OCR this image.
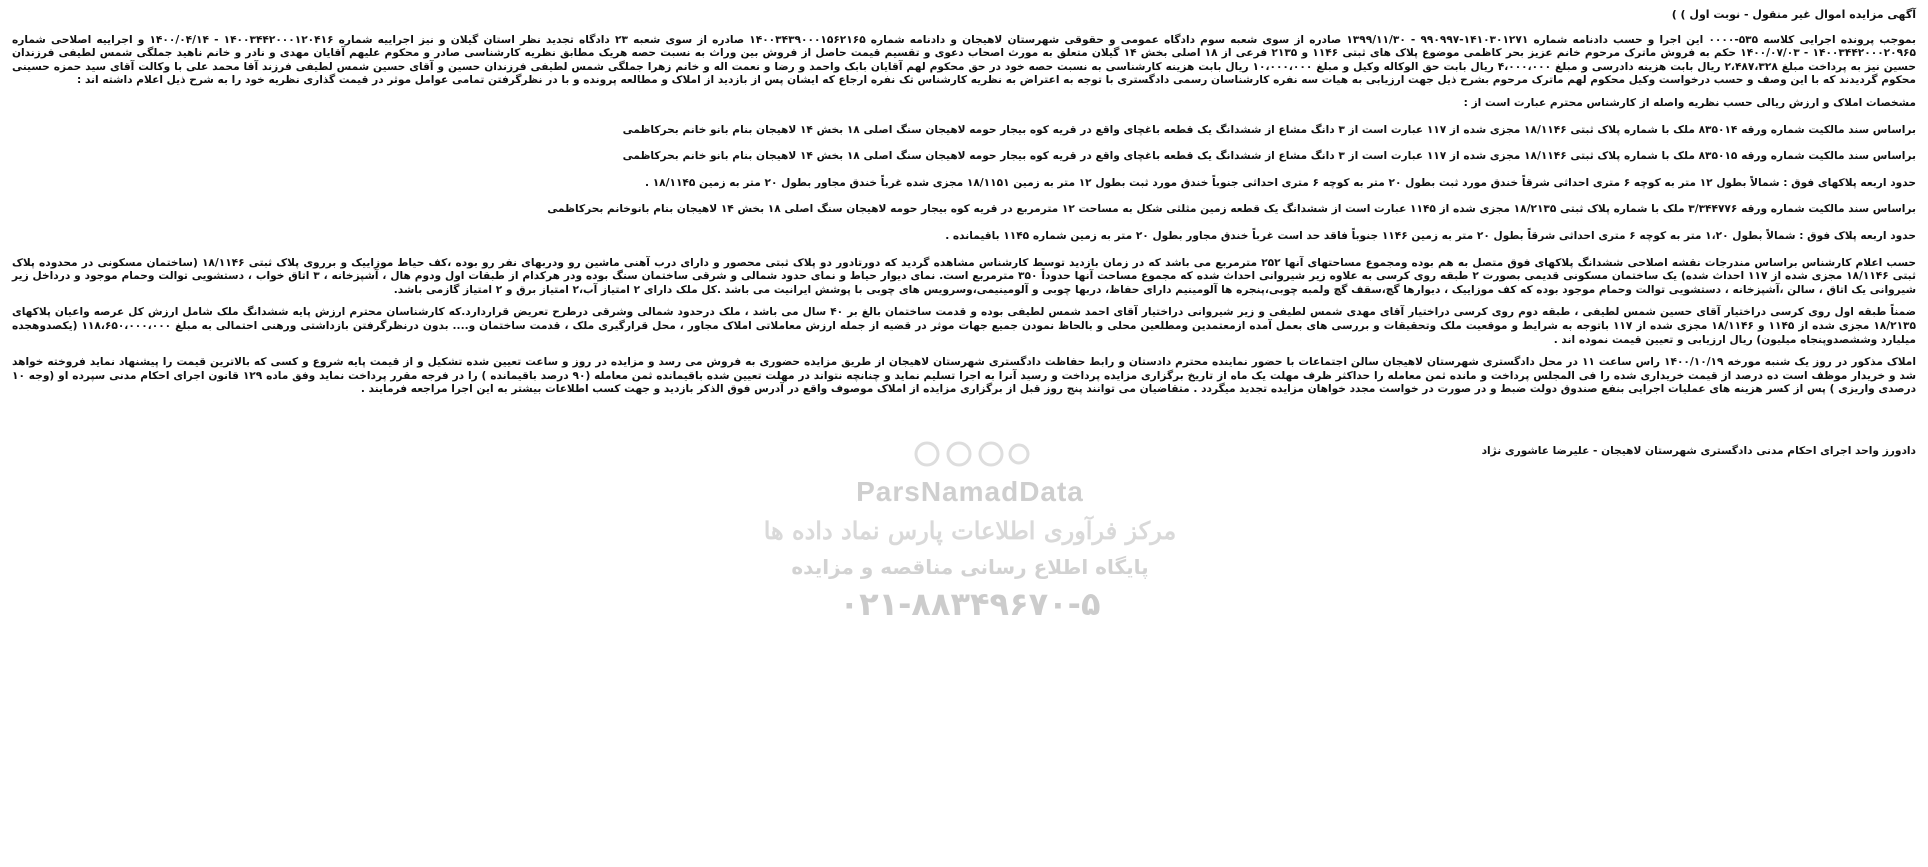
ParsNamadData
مرکز فرآوری اطلاعات پارس نماد داده ها
پایگاه اطلاع رسانی مناقصه و مزایده
۰۲۱-۸۸۳۴۹۶۷۰-۵

آگهی مزایده اموال غیر منقول - نوبت اول ) )

بموجب پرونده اجرایی کلاسه ۵۳۵-۰۰۰۰ این اجرا و حسب دادنامه شماره ۱۴۱۰۳۰۱۲۷۱-۹۹۰۹۹۷ - ۱۳۹۹/۱۱/۳۰ صادره از سوی شعبه سوم دادگاه عمومی و حقوقی شهرستان لاهیجان و دادنامه شماره ۱۴۰۰۳۴۳۹۰۰۰۱۵۶۲۱۶۵ صادره از سوی شعبه ۲۳ دادگاه تجدید نظر استان گیلان و نیز اجراییه شماره ۱۴۰۰۳۴۴۲۰۰۰۱۲۰۴۱۶ - ۱۴۰۰/۰۴/۱۴ و اجراییه اصلاحی شماره ۱۴۰۰۳۴۴۲۰۰۰۲۰۹۶۵ - ۱۴۰۰/۰۷/۰۳ حکم به فروش ماترک مرحوم خانم عزیز بحر کاظمی موضوع پلاک های ثبتی ۱۱۴۶ و ۲۱۳۵ فرعی از ۱۸ اصلی بخش ۱۴ گیلان متعلق به مورث اصحاب دعوی و تقسیم قیمت حاصل از فروش بین وراث به نسبت حصه هریک مطابق نظریه کارشناسی صادر و محکوم علیهم آقایان مهدی و نادر و خانم ناهید جملگی شمس لطیفی فرزندان حسین نیز به پرداخت مبلغ ۲،۴۸۷،۳۲۸ ریال بابت هزینه دادرسی و مبلغ ۴،۰۰۰،۰۰۰ ریال بابت حق الوکاله وکیل و مبلغ ۱۰،۰۰۰،۰۰۰ ریال بابت هزینه کارشناسی به نسبت حصه خود در حق محکوم لهم آقایان بابک واحمد و رضا و نعمت اله و خانم زهرا جملگی شمس لطیفی فرزندان حسین و آقای حسین شمس لطیفی فرزند آقا محمد علی با وکالت آقای سید حمزه حسینی محکوم گردیدند که با این وصف و حسب درخواست وکیل محکوم لهم ماترک مرحوم بشرح ذیل جهت ارزیابی به هیات سه نفره کارشناسان رسمی دادگستری با توجه به اعتراض به نظریه کارشناس تک نفره ارجاع که ایشان پس از بازدید از املاک و مطالعه پرونده و با در نظرگرفتن تمامی عوامل موثر در قیمت گذاری نظریه خود را به شرح ذیل اعلام داشته اند :

مشخصات املاک و ارزش ریالی حسب نظریه واصله از کارشناس محترم عبارت است از :

براساس سند مالکیت شماره ورقه ۸۳۵۰۱۴ ملک با شماره پلاک ثبتی ۱۸/۱۱۴۶ مجزی شده از ۱۱۷ عبارت است از ۳ دانگ مشاع از ششدانگ یک قطعه باغچای واقع در قریه کوه بیجار حومه لاهیجان سنگ اصلی ۱۸ بخش ۱۴ لاهیجان بنام بانو خانم بحرکاظمی

براساس سند مالکیت شماره ورقه ۸۳۵۰۱۵ ملک با شماره پلاک ثبتی ۱۸/۱۱۴۶ مجزی شده از ۱۱۷ عبارت است از ۳ دانگ مشاع از ششدانگ یک قطعه باغچای واقع در قریه کوه بیجار حومه لاهیجان سنگ اصلی ۱۸ بخش ۱۴ لاهیجان بنام بانو خانم بحرکاظمی

حدود اربعه پلاکهای فوق : شمالاً بطول ۱۲ متر به کوچه ۶ متری احداثی شرقاً خندق مورد ثبت بطول ۲۰ متر به کوچه ۶ متری احداثی جنوباً خندق مورد ثبت بطول ۱۲ متر به زمین ۱۸/۱۱۵۱ مجزی شده غرباً خندق مجاور بطول ۲۰ متر به زمین ۱۸/۱۱۴۵ .

براساس سند مالکیت شماره ورقه ۳/۳۴۴۷۷۶ ملک با شماره پلاک ثبتی ۱۸/۲۱۳۵ مجزی شده از ۱۱۴۵ عبارت است از ششدانگ یک قطعه زمین مثلثی شکل به مساحت ۱۲ مترمربع در قریه کوه بیجار حومه لاهیجان سنگ اصلی ۱۸ بخش ۱۴ لاهیجان بنام بانوخانم بحرکاظمی

حدود اربعه پلاک فوق : شمالاً بطول ۱،۲۰ متر به کوچه ۶ متری احداثی شرقاً بطول ۲۰ متر به زمین ۱۱۴۶ جنوباً فاقد حد است غرباً خندق مجاور بطول ۲۰ متر به زمین شماره ۱۱۴۵ باقیمانده .

حسب اعلام کارشناس براساس مندرجات نقشه اصلاحی ششدانگ پلاکهای فوق متصل به هم بوده ومجموع مساحتهای آنها ۲۵۲ مترمربع می باشد که در زمان بازدید توسط کارشناس مشاهده گردید که دورتادور دو پلاک ثبتی محصور و دارای درب آهنی ماشین رو ودربهای نفر رو بوده ،کف حیاط موزاییک و برروی پلاک ثبتی ۱۸/۱۱۴۶ (ساختمان مسکونی در محدوده پلاک ثبتی ۱۸/۱۱۴۶ مجزی شده از ۱۱۷ احداث شده) یک ساختمان مسکونی قدیمی بصورت ۲ طبقه روی کرسی به علاوه زیر شیروانی احداث شده که مجموع مساحت آنها حدوداً ۳۵۰ مترمربع است. نمای دیوار حیاط و نمای حدود شمالی و شرقی ساختمان سنگ بوده ودر هرکدام از طبقات اول ودوم هال ، آشپزخانه ، ۳ اتاق خواب ، دستشویی توالت وحمام موجود و درداخل زیر شیروانی یک اتاق ، سالن ،آشپزخانه ، دستشویی توالت وحمام موجود بوده که کف موزاییک ، دیوارها گچ،سقف گچ ولمبه چوبی،پنجره ها آلومینیم دارای حفاظ، دربها چوبی و آلومینیمی،وسرویس های چوبی با پوشش ایرانیت می باشد .کل ملک دارای ۲ امتیاز آب،۲ امتیاز برق و ۲ امتیاز گازمی باشد.

ضمناً طبقه اول روی کرسی دراختیار آقای حسین شمس لطیفی ، طبقه دوم روی کرسی دراختیار آقای مهدی شمس لطیفی و زیر شیروانی دراختیار آقای احمد شمس لطیفی بوده و قدمت ساختمان بالغ بر ۴۰ سال می باشد ، ملک درحدود شمالی وشرقی درطرح تعریض قراردارد.که کارشناسان محترم ارزش پایه ششدانگ ملک شامل ارزش کل عرصه واعیان پلاکهای ۱۸/۲۱۳۵ مجزی شده از ۱۱۴۵ و ۱۸/۱۱۴۶ مجزی شده از ۱۱۷ باتوجه به شرایط و موقعیت ملک وتحقیقات و بررسی های بعمل آمده ازمعتمدین ومطلعین محلی و بالحاظ نمودن جمیع جهات موثر در قضیه از جمله ارزش معاملاتی املاک مجاور ، محل قرارگیری ملک ، قدمت ساختمان و.... بدون درنظرگرفتن بازداشتی ورهنی احتمالی به مبلغ ۱۱۸،۶۵۰،۰۰۰،۰۰۰ (یکصدوهجده میلیارد وششصدوپنجاه میلیون) ریال ارزیابی و تعیین قیمت نموده اند .

املاک مذکور در روز یک شنبه مورخه ۱۴۰۰/۱۰/۱۹ راس ساعت ۱۱ در محل دادگستری شهرستان لاهیجان سالن اجتماعات با حضور نماینده محترم دادستان و رابط حفاظت دادگستری شهرستان لاهیجان از طریق مزایده حضوری به فروش می رسد و مزایده در روز و ساعت تعیین شده تشکیل و از قیمت پایه شروع و کسی که بالاترین قیمت را پیشنهاد نماید فروخته خواهد شد و خریدار موظف است ده درصد از قیمت خریداری شده را فی المجلس پرداخت و مانده ثمن معامله را حداکثر ظرف مهلت یک ماه از تاریخ برگزاری مزایده پرداخت و رسید آنرا به اجرا تسلیم نماید و چنانچه نتواند در مهلت تعیین شده باقیمانده ثمن معامله (۹۰ درصد باقیمانده ) را در فرجه مقرر پرداخت نماید وفق ماده ۱۲۹ قانون اجرای احکام مدنی سپرده او (وجه ۱۰ درصدی واریزی ) پس از کسر هزینه های عملیات اجرایی بنفع صندوق دولت ضبط و در صورت در خواست مجدد خواهان مزایده تجدید میگردد . متقاضیان می توانند پنج روز قبل از برگزاری مزایده از املاک موصوف واقع در آدرس فوق الذکر بازدید و جهت کسب اطلاعات بیشتر به این اجرا مراجعه فرمایند .

دادورز واحد اجرای احکام مدنی دادگستری شهرستان لاهیجان - علیرضا عاشوری نژاد
